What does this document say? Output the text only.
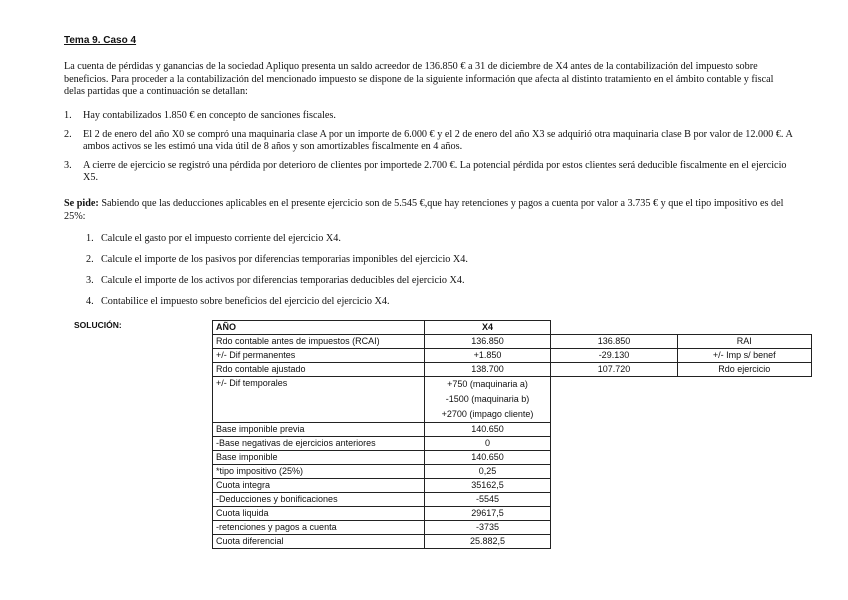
Tema 9. Caso 4
La cuenta de pérdidas y ganancias de la sociedad Apliquo presenta un saldo acreedor de 136.850 € a 31 de diciembre de X4 antes de la contabilización del impuesto sobre beneficios. Para proceder a la contabilización del mencionado impuesto se dispone de la siguiente información que afecta al distinto tratamiento en el ámbito contable y fiscal delas partidas que a continuación se detallan:
1. Hay contabilizados 1.850 € en concepto de sanciones fiscales.
2. El 2 de enero del año X0 se compró una maquinaria clase A por un importe de 6.000 € y el 2 de enero del año X3 se adquirió otra maquinaria clase B por valor de 12.000 €. A ambos activos se les estimó una vida útil de 8 años y son amortizables fiscalmente en 4 años.
3. A cierre de ejercicio se registró una pérdida por deterioro de clientes por importede 2.700 €. La potencial pérdida por estos clientes será deducible fiscalmente en el ejercicio X5.
Se pide: Sabiendo que las deducciones aplicables en el presente ejercicio son de 5.545 €,que hay retenciones y pagos a cuenta por valor a 3.735 € y que el tipo impositivo es del 25%:
1. Calcule el gasto por el impuesto corriente del ejercicio X4.
2. Calcule el importe de los pasivos por diferencias temporarias imponibles del ejercicio X4.
3. Calcule el importe de los activos por diferencias temporarias deducibles del ejercicio X4.
4. Contabilice el impuesto sobre beneficios del ejercicio del ejercicio X4.
SOLUCIÓN:	AÑO	X4		
Rdo contable antes de impuestos (RCAI)	136.850	136.850	RAI
+/- Dif permanentes	+1.850	-29.130	+/- Imp s/ benef
Rdo contable ajustado	138.700	107.720	Rdo ejercicio
+/- Dif temporales	+750 (maquinaria a)
-1500 (maquinaria b)
+2700 (impago cliente)		

Base imponible previa	140.650		
-Base negativas de ejercicios anteriores	0		
Base imponible	140.650		
*tipo impositivo (25%)	0,25		
Cuota integra	35162,5		
-Deducciones y bonificaciones	-5545		
Cuota liquida	29617,5		
-retenciones y pagos a cuenta	-3735		
Cuota diferencial	25.882,5		
